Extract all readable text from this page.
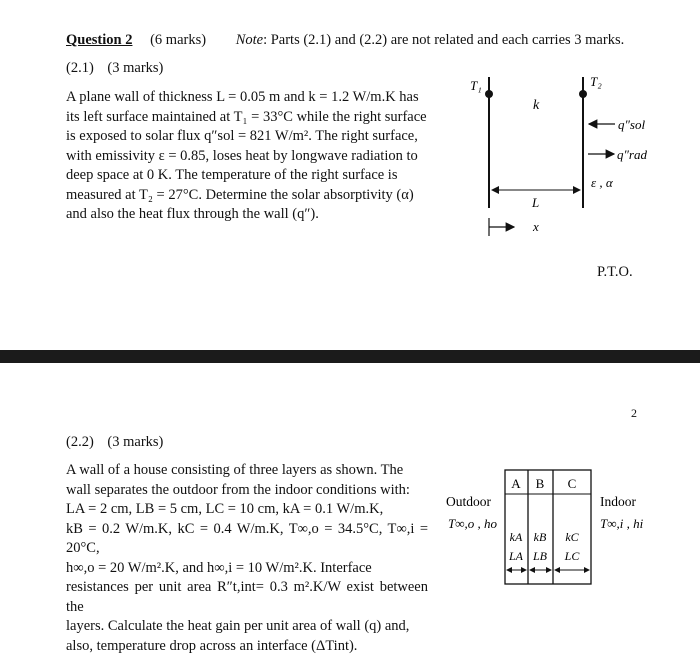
Question 2 (6 marks) Note: Parts (2.1) and (2.2) are not related and each carries 3 marks.
(2.1) (3 marks)
A plane wall of thickness L = 0.05 m and k = 1.2 W/m.K has
its left surface maintained at T₁ = 33°C while the right surface
is exposed to solar flux q″sol = 821 W/m². The right surface,
with emissivity ε = 0.85, loses heat by longwave radiation to
deep space at 0 K. The temperature of the right surface is
measured at T₂ = 27°C. Determine the solar absorptivity (α)
and also the heat flux through the wall (q″).
T₁	T₂
k
q″sol
q″rad
ε , α
L
x
P.T.O.
2
(2.2) (3 marks)
A wall of a house consisting of three layers as shown. The
wall separates the outdoor from the indoor conditions with:
LA = 2 cm, LB = 5 cm, LC = 10 cm, kA = 0.1 W/m.K,
kB = 0.2 W/m.K, kC = 0.4 W/m.K, T∞,o = 34.5°C, T∞,i = 20°C,
h∞,o = 20 W/m².K, and h∞,i = 10 W/m².K. Interface
resistances per unit area R″t,int= 0.3 m².K/W exist between the
layers. Calculate the heat gain per unit area of wall (q) and,
also, temperature drop across an interface (ΔTint).
A B C
kA kB kC
LA LB LC
Outdoor
T∞,o , ho
Indoor
T∞,i , hi
